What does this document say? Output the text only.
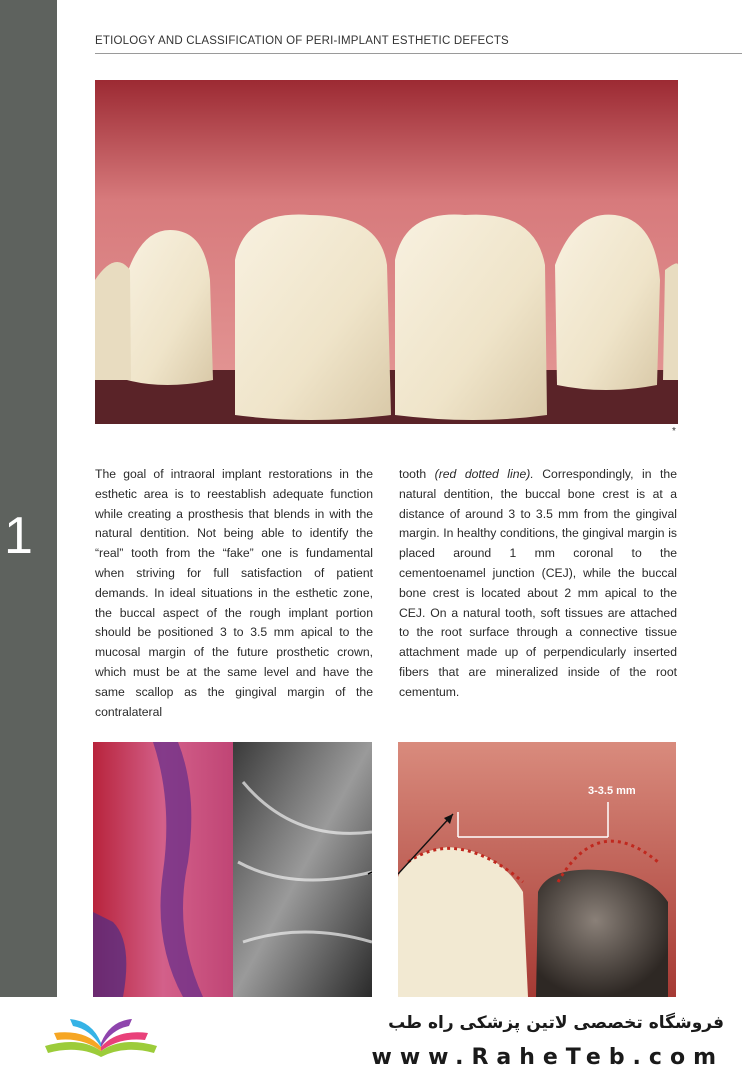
1
ETIOLOGY AND CLASSIFICATION OF PERI-IMPLANT ESTHETIC DEFECTS
*

The goal of intraoral implant restorations in the esthetic area is to reestablish adequate function while creating a prosthesis that blends in with the natural dentition. Not being able to identify the “real” tooth from the “fake” one is fundamental when striving for full satisfaction of patient demands. In ideal situations in the esthetic zone, the buccal aspect of the rough implant portion should be positioned 3 to 3.5 mm apical to the mucosal margin of the future prosthetic crown, which must be at the same level and have the same scallop as the gingival margin of the contralateral

tooth (red dotted line). Correspondingly, in the natural dentition, the buccal bone crest is at a distance of around 3 to 3.5 mm from the gingival margin. In healthy conditions, the gingival margin is placed around 1 mm coronal to the cementoenamel junction (CEJ), while the buccal bone crest is located about 2 mm apical to the CEJ. On a natural tooth, soft tissues are attached to the root surface through a connective tissue attachment made up of perpendicularly inserted fibers that are mineralized inside of the root cementum.

3-3.5 mm
فروشگاه تخصصی لاتین پزشکی راه طب
www.RaheTeb.com
